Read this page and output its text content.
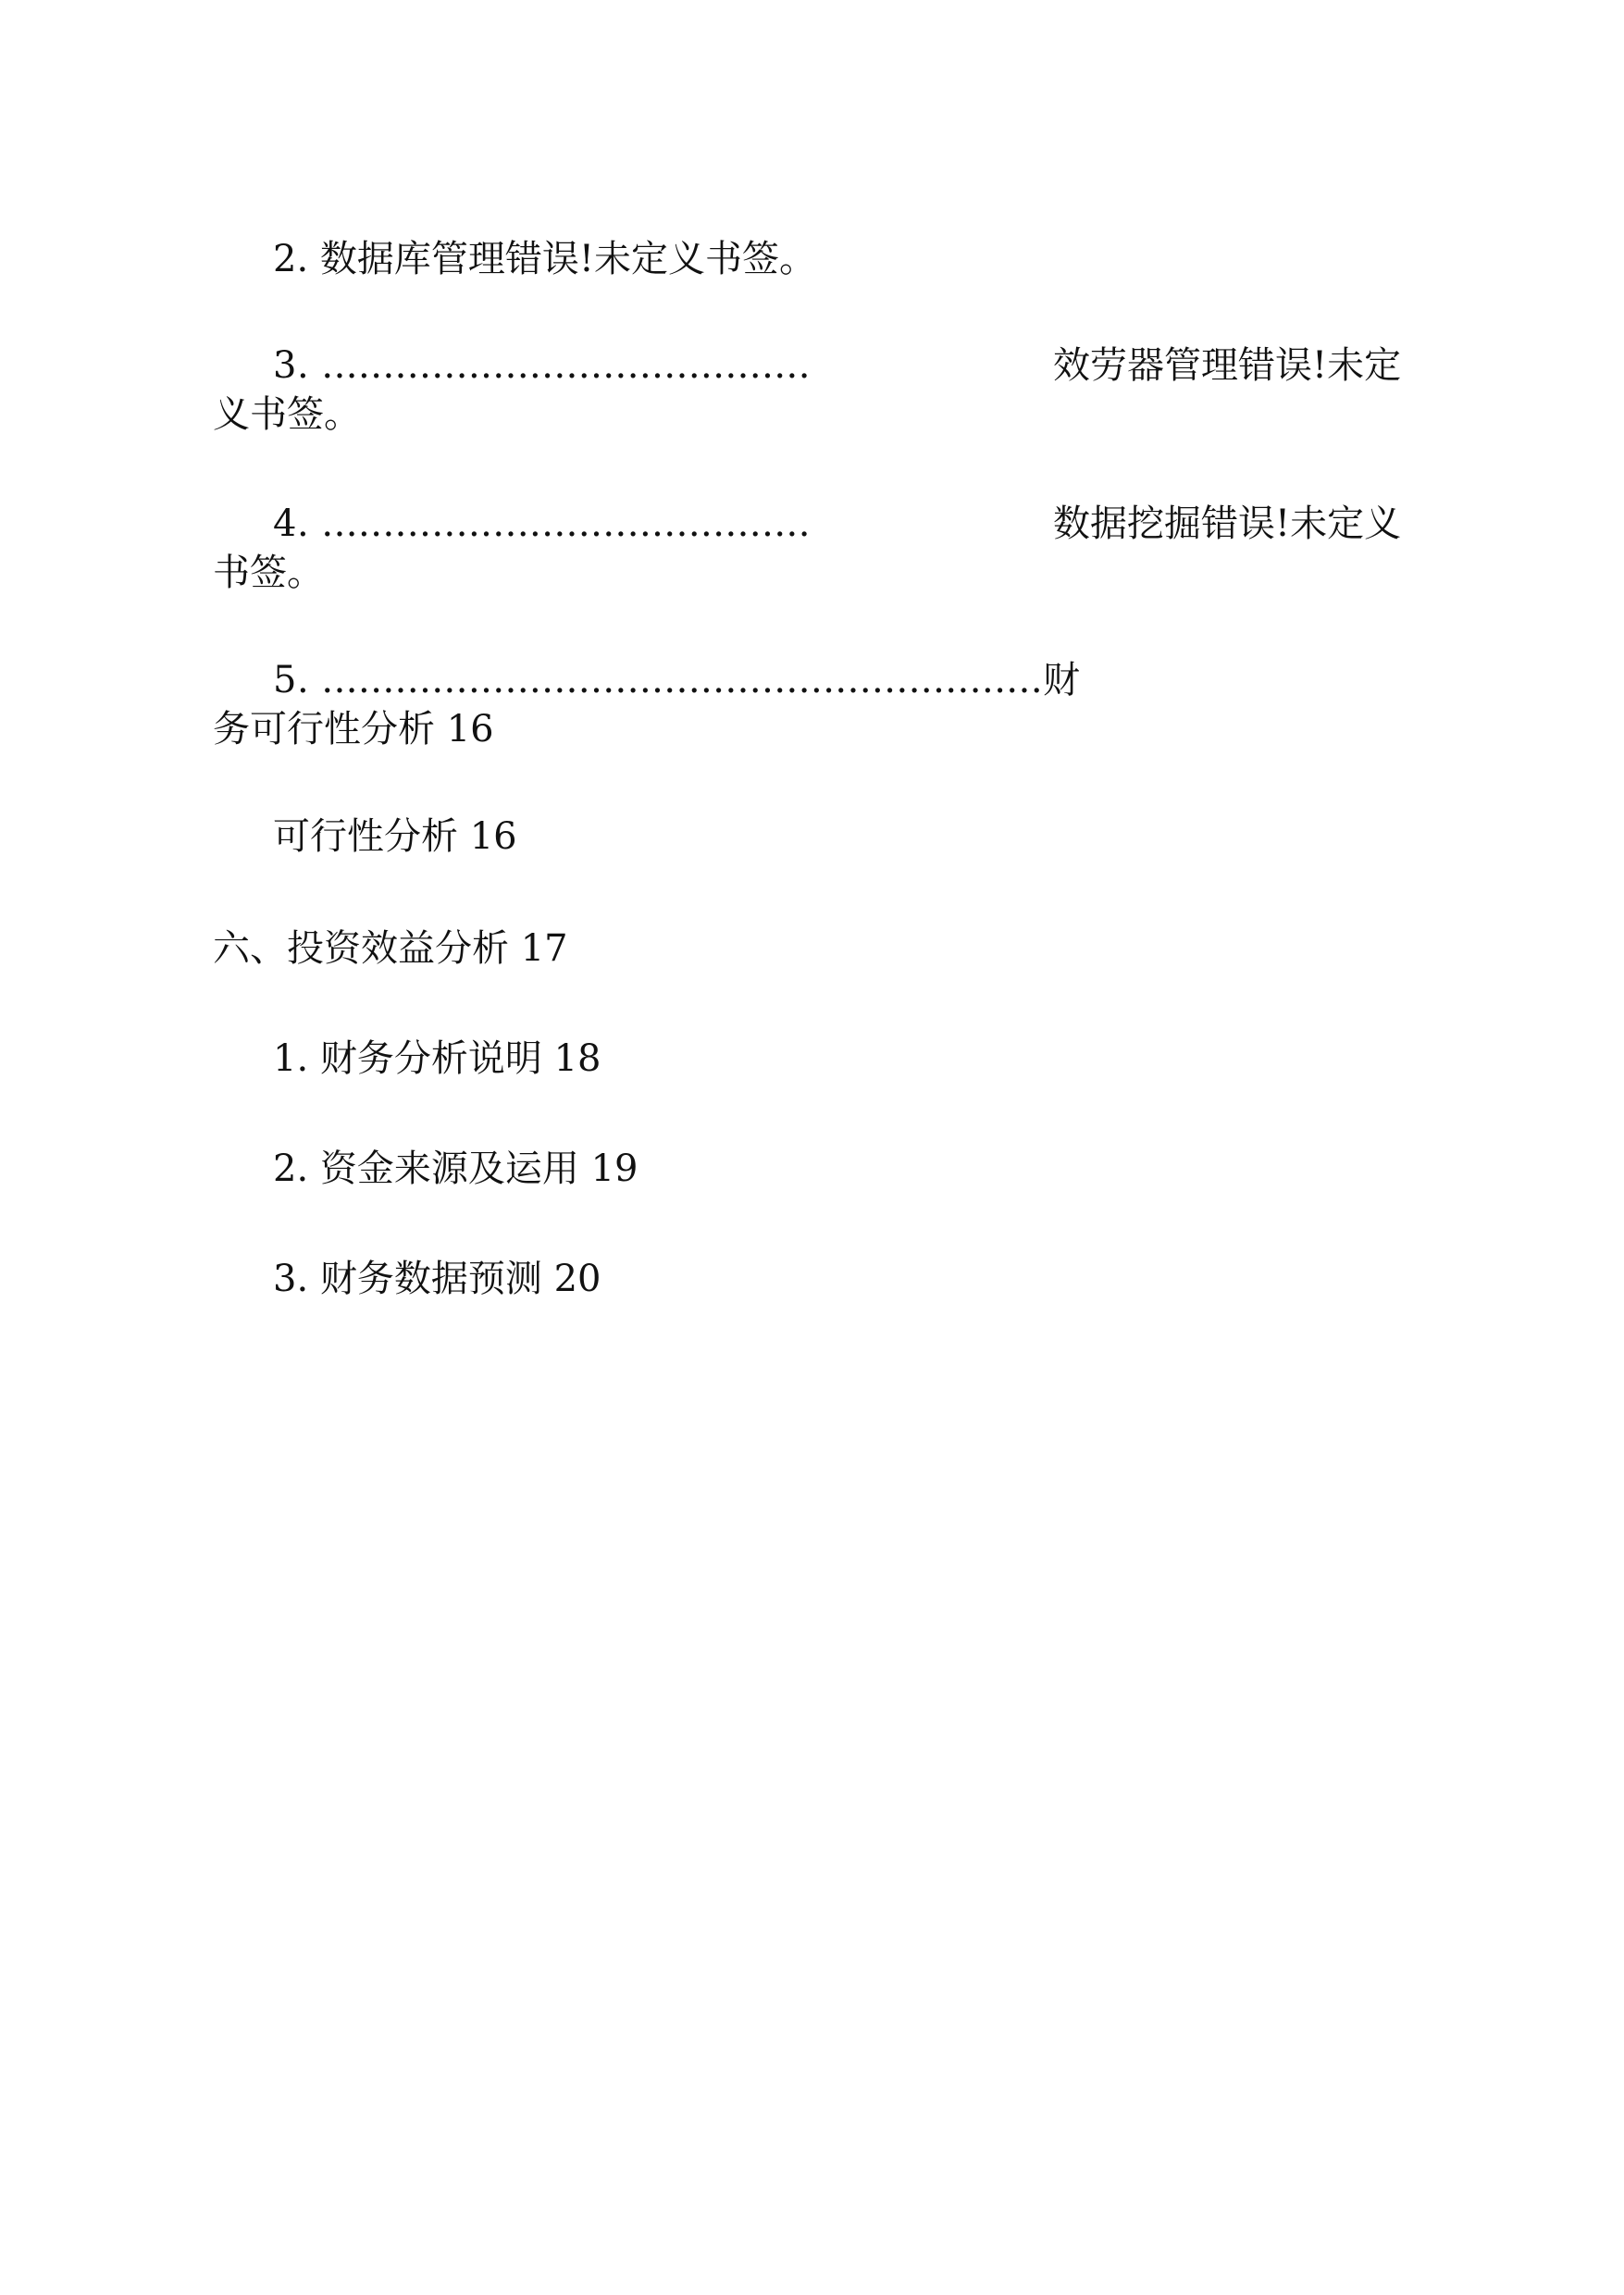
2. 数据库管理错误!未定义书签。
3. ........................................	效劳器管理错误!未定
义书签。
4. ........................................	数据挖掘错误!未定义
书签。
5. ...........................................................财
务可行性分析 16
可行性分析 16
六、投资效益分析 17
1. 财务分析说明 18
2. 资金来源及运用 19
3. 财务数据预测 20
